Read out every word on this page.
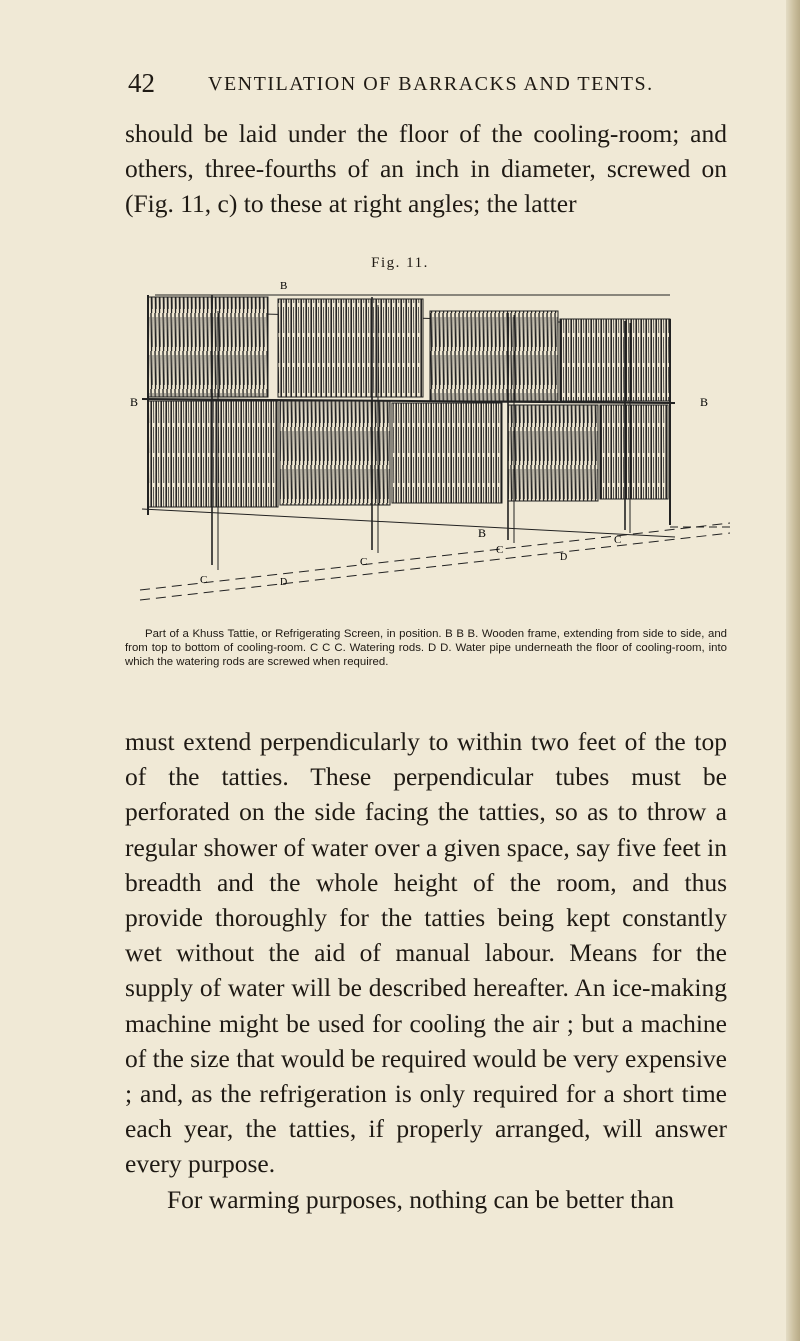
42	VENTILATION OF BARRACKS AND TENTS.

should be laid under the floor of the cooling-room; and others, three-fourths of an inch in diameter, screwed on (Fig. 11, c) to these at right angles; the latter

Fig. 11.
B
B	B
B
C
C
C
C
D
D

Part of a Khuss Tattie, or Refrigerating Screen, in position. B B B. Wooden frame, extending from side to side, and from top to bottom of cooling-room. C C C. Watering rods. D D. Water pipe underneath the floor of cooling-room, into which the watering rods are screwed when required.

must extend perpendicularly to within two feet of the top of the tatties. These perpendicular tubes must be perforated on the side facing the tatties, so as to throw a regular shower of water over a given space, say five feet in breadth and the whole height of the room, and thus provide thoroughly for the tatties being kept constantly wet without the aid of manual labour. Means for the supply of water will be described hereafter. An ice-making machine might be used for cooling the air ; but a machine of the size that would be required would be very expensive ; and, as the refrigeration is only required for a short time each year, the tatties, if properly arranged, will answer every purpose.

For warming purposes, nothing can be better than
